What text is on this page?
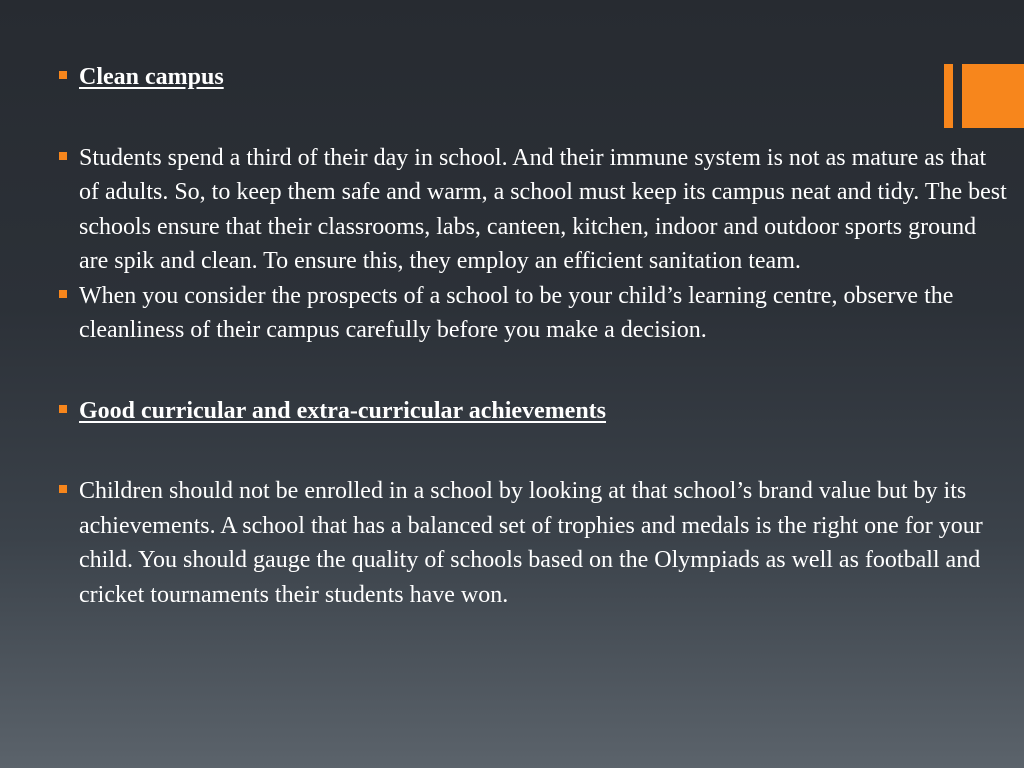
Clean campus
Students spend a third of their day in school. And their immune system is not as mature as that of adults. So, to keep them safe and warm, a school must keep its campus neat and tidy. The best schools ensure that their classrooms, labs, canteen, kitchen, indoor and outdoor sports ground are spik and clean. To ensure this, they employ an efficient sanitation team.
When you consider the prospects of a school to be your child’s learning centre, observe the cleanliness of their campus carefully before you make a decision.
Good curricular and extra-curricular achievements
Children should not be enrolled in a school by looking at that school’s brand value but by its achievements. A school that has a balanced set of trophies and medals is the right one for your child. You should gauge the quality of schools based on the Olympiads as well as football and cricket tournaments their students have won.
